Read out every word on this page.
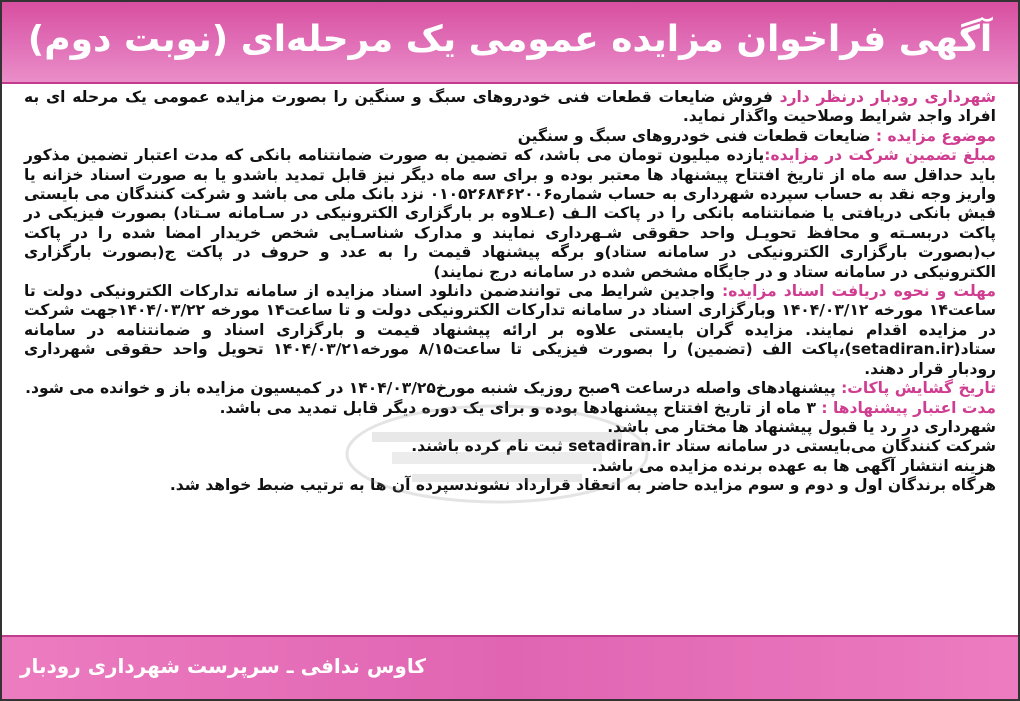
آگهی فراخوان مزایده عمومی یک مرحله‌ای (نوبت دوم)

شهرداری رودبار درنظر دارد فروش ضایعات قطعات فنی خودروهای سبگ و سنگین را بصورت مزایده عمومی یک مرحله ای به افراد واجد شرایط وصلاحیت واگذار نماید.

موضوع مزایده : ضایعات قطعات فنی خودروهای سبگ و سنگین

مبلغ تضمین شرکت در مزایده:یازده میلیون تومان می باشد، که تضمین به صورت ضمانتنامه بانکی که مدت اعتبار تضمین مذکور باید حداقل سه ماه از تاریخ افتتاح پیشنهاد ها معتبر بوده و برای سه ماه دیگر نیز قابل تمدید باشدو یا به صورت اسناد خزانه یا واریز وجه نقد به حساب سپرده شهرداری به حساب شماره۰۱۰۵۲۶۸۴۶۲۰۰۶ نزد بانک ملی می باشد و شرکت کنندگان می بایستی فیش بانکی دریافتی یا ضمانتنامه بانکی را در پاکت الـف (عـلاوه بر بارگزاری الکترونیکی در سـامانه سـتاد) بصورت فیزیکی در پاکت دربسـته و محافظ تحویـل واحد حقوقی شـهرداری نمایند و مدارک شناسـایی شخص خریدار امضا شده را در پاکت ب(بصورت بارگزاری الکترونیکی در سامانه ستاد)و برگه پیشنهاد قیمت را به عدد و حروف در پاکت ج(بصورت بارگزاری الکترونیکی در سامانه ستاد و در جایگاه مشخص شده در سامانه درج نمایند)

مهلت و نحوه دریافت اسناد مزایده: واجدین شرایط می توانندضمن دانلود اسناد مزایده از سامانه تدارکات الکترونیکی دولت تا ساعت۱۴ مورخه ۱۴۰۴/۰۳/۱۲ وبارگزاری اسناد در سامانه تدارکات الکترونیکی دولت و تا ساعت۱۴ مورخه ۱۴۰۴/۰۳/۲۲جهت شرکت در مزایده اقدام نمایند. مزایده گران بایستی علاوه بر ارائه پیشنهاد قیمت و بارگزاری اسناد و ضمانتنامه در سامانه ستاد(setadiran.ir)،پاکت الف (تضمین) را بصورت فیزیکی تا ساعت۸/۱۵ مورخه۱۴۰۴/۰۳/۲۱ تحویل واحد حقوقی شهرداری رودبار قرار دهند.

تاریخ گشایش پاکات: پیشنهادهای واصله درساعت ۹صبح روزیک شنبه مورخ۱۴۰۴/۰۳/۲۵ در کمیسیون مزایده باز و خوانده می شود.

مدت اعتبار پیشنهادها : ۳ ماه از تاریخ افتتاح پیشنهادها بوده و برای یک دوره دیگر قابل تمدید می باشد.

شهرداری در رد یا قبول پیشنهاد ها مختار می باشد.

شرکت کنندگان می‌بایستی در سامانه ستاد setadiran.ir ثبت نام کرده باشند.

هزینه انتشار آگهی ها به عهده برنده مزایده می باشد.

هرگاه برندگان اول و دوم و سوم مزایده حاضر به انعقاد قرارداد نشوندسپرده آن ها به ترتیب ضبط خواهد شد.

کاوس ندافی ـ سرپرست شهرداری رودبار
